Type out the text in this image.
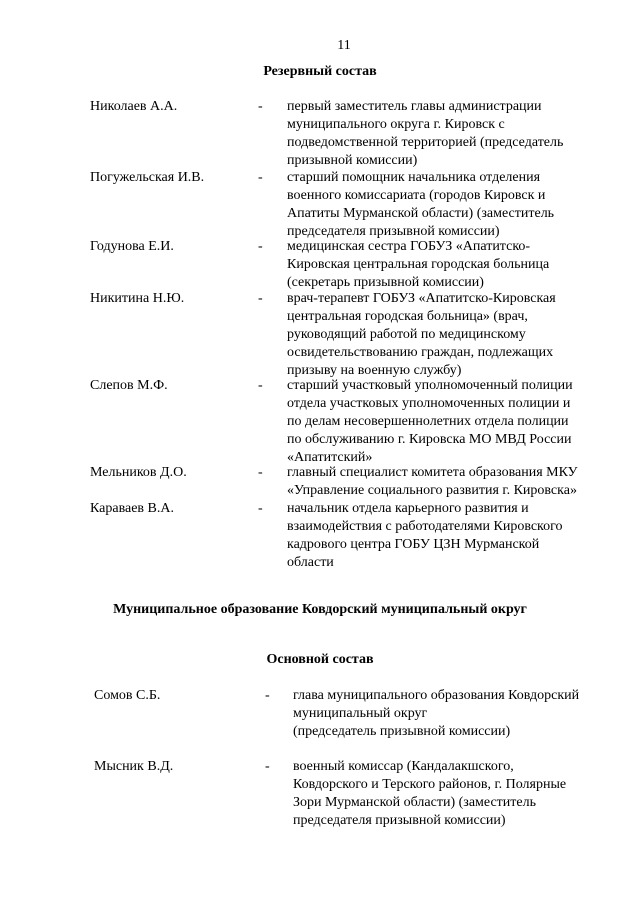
11
Резервный состав
Николаев А.А.	- первый заместитель главы администрации
муниципального округа г. Кировск с
подведомственной территорией (председатель
призывной комиссии)
Погужельская И.В.	- старший помощник начальника отделения
военного комиссариата (городов Кировск и
Апатиты Мурманской области) (заместитель
председателя призывной комиссии)
Годунова Е.И.	- медицинская сестра ГОБУЗ «Апатитско-
Кировская центральная городская больница
(секретарь призывной комиссии)
Никитина Н.Ю.	- врач-терапевт ГОБУЗ «Апатитско-Кировская
центральная городская больница» (врач,
руководящий работой по медицинскому
освидетельствованию граждан, подлежащих
призыву на военную службу)
Слепов М.Ф.	- старший участковый уполномоченный полиции
отдела участковых уполномоченных полиции и
по делам несовершеннолетних отдела полиции
по обслуживанию г. Кировска МО МВД России
«Апатитский»
Мельников Д.О.	- главный специалист комитета образования МКУ
«Управление социального развития г. Кировска»
Караваев В.А.	- начальник отдела карьерного развития и
взаимодействия с работодателями Кировского
кадрового центра ГОБУ ЦЗН Мурманской
области
Муниципальное образование Ковдорский муниципальный округ
Основной состав
Сомов С.Б.	- глава муниципального образования Ковдорский
муниципальный округ
(председатель призывной комиссии)
Мысник В.Д.	- военный комиссар (Кандалакшского,
Ковдорского и Терского районов, г. Полярные
Зори Мурманской области) (заместитель
председателя призывной комиссии)
